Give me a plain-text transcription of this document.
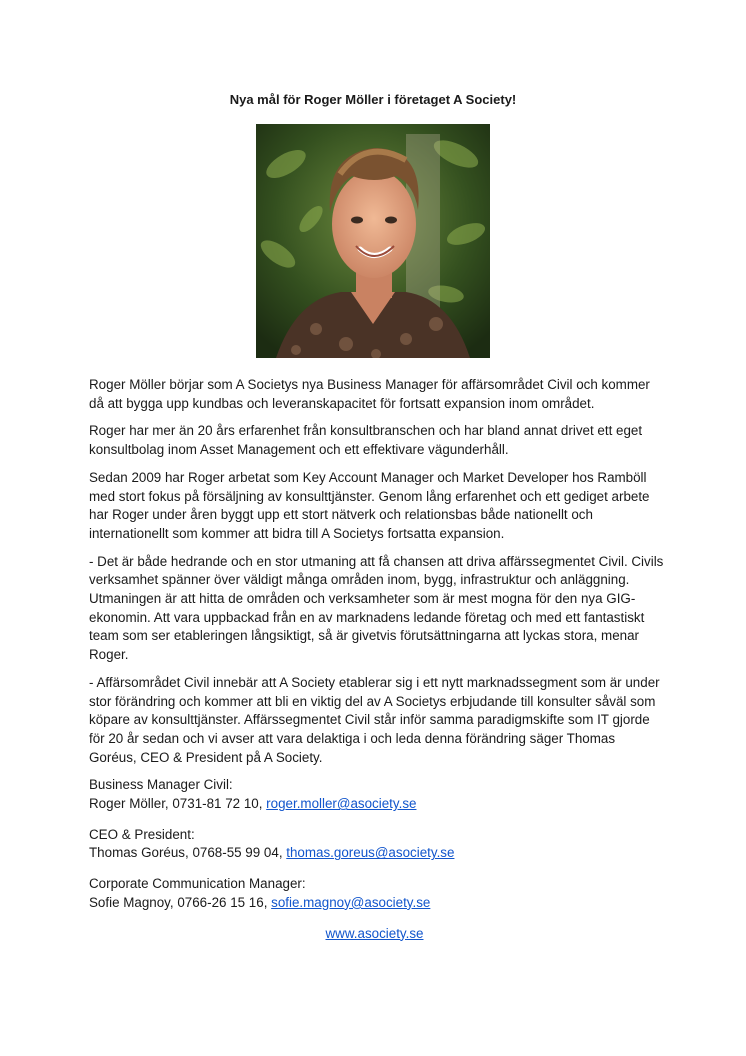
Nya mål för Roger Möller i företaget A Society!

Roger Möller börjar som A Societys nya Business Manager för affärsområdet Civil och kommer då att bygga upp kundbas och leveranskapacitet för fortsatt expansion inom området.

Roger har mer än 20 års erfarenhet från konsultbranschen och har bland annat drivet ett eget konsultbolag inom Asset Management och ett effektivare vägunderhåll.

Sedan 2009 har Roger arbetat som Key Account Manager och Market Developer hos Ramböll med stort fokus på försäljning av konsulttjänster. Genom lång erfarenhet och ett gediget arbete har Roger under åren byggt upp ett stort nätverk och relationsbas både nationellt och internationellt som kommer att bidra till A Societys fortsatta expansion.

- Det är både hedrande och en stor utmaning att få chansen att driva affärssegmentet Civil. Civils verksamhet spänner över väldigt många områden inom, bygg, infrastruktur och anläggning. Utmaningen är att hitta de områden och verksamheter som är mest mogna för den nya GIG-ekonomin. Att vara uppbackad från en av marknadens ledande företag och med ett fantastiskt team som ser etableringen långsiktigt, så är givetvis förutsättningarna att lyckas stora, menar Roger.

- Affärsområdet Civil innebär att A Society etablerar sig i ett nytt marknadssegment som är under stor förändring och kommer att bli en viktig del av A Societys erbjudande till konsulter såväl som köpare av konsulttjänster. Affärssegmentet Civil står inför samma paradigmskifte som IT gjorde för 20 år sedan och vi avser att vara delaktiga i och leda denna förändring säger Thomas Goréus, CEO & President på A Society.

Business Manager Civil:
Roger Möller, 0731-81 72 10, roger.moller@asociety.se
CEO & President:
Thomas Goréus, 0768-55 99 04, thomas.goreus@asociety.se
Corporate Communication Manager:
Sofie Magnoy, 0766-26 15 16, sofie.magnoy@asociety.se
www.asociety.se
